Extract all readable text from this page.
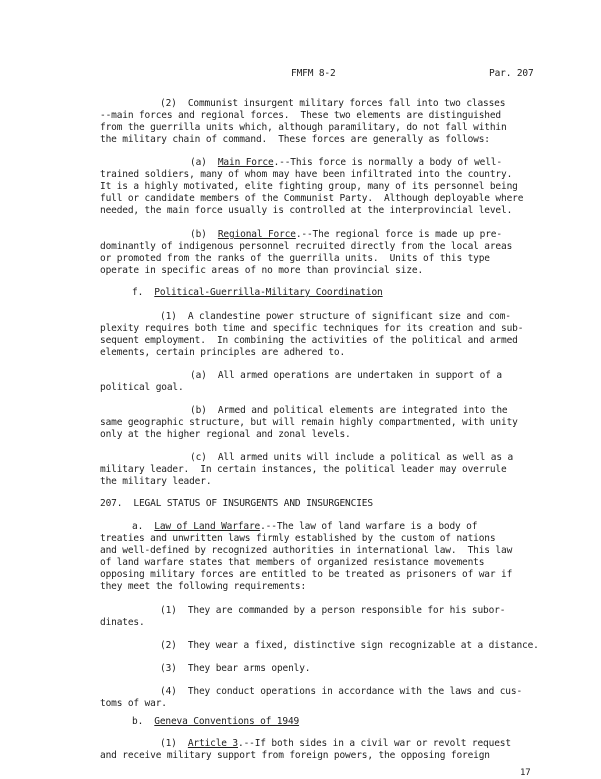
FMFM 8-2	Par. 207
(2)  Communist insurgent military forces fall into two classes
--main forces and regional forces.  These two elements are distinguished
from the guerrilla units which, although paramilitary, do not fall within
the military chain of command.  These forces are generally as follows:
(a)  Main Force.--This force is normally a body of well-
trained soldiers, many of whom may have been infiltrated into the country.
It is a highly motivated, elite fighting group, many of its personnel being
full or candidate members of the Communist Party.  Although deployable where
needed, the main force usually is controlled at the interprovincial level.
(b)  Regional Force.--The regional force is made up pre-
dominantly of indigenous personnel recruited directly from the local areas
or promoted from the ranks of the guerrilla units.  Units of this type
operate in specific areas of no more than provincial size.
f.  Political-Guerrilla-Military Coordination
(1)  A clandestine power structure of significant size and com-
plexity requires both time and specific techniques for its creation and sub-
sequent employment.  In combining the activities of the political and armed
elements, certain principles are adhered to.
(a)  All armed operations are undertaken in support of a
political goal.
(b)  Armed and political elements are integrated into the
same geographic structure, but will remain highly compartmented, with unity
only at the higher regional and zonal levels.
(c)  All armed units will include a political as well as a
military leader.  In certain instances, the political leader may overrule
the military leader.
207.  LEGAL STATUS OF INSURGENTS AND INSURGENCIES
a.  Law of Land Warfare.--The law of land warfare is a body of
treaties and unwritten laws firmly established by the custom of nations
and well-defined by recognized authorities in international law.  This law
of land warfare states that members of organized resistance movements
opposing military forces are entitled to be treated as prisoners of war if
they meet the following requirements:
(1)  They are commanded by a person responsible for his subor-
dinates.
(2)  They wear a fixed, distinctive sign recognizable at a distance.
(3)  They bear arms openly.
(4)  They conduct operations in accordance with the laws and cus-
toms of war.
b.  Geneva Conventions of 1949
(1)  Article 3.--If both sides in a civil war or revolt request
and receive military support from foreign powers, the opposing foreign
17
